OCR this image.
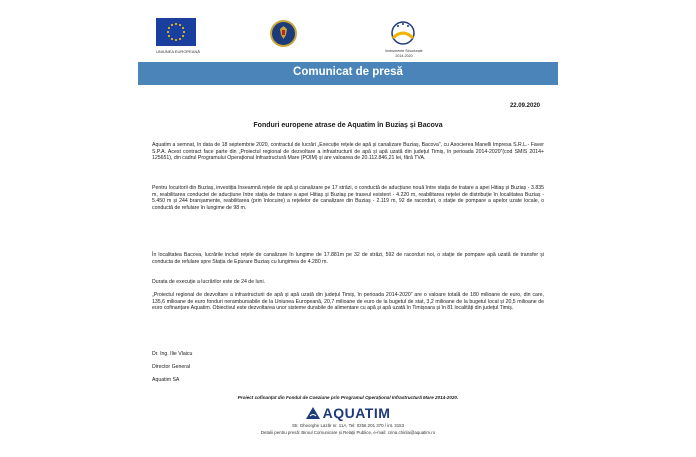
UNIUNEA EUROPEANĂ	Instrumente Structurale
2014-2020
Comunicat de presă
22.09.2020
Fonduri europene atrase de Aquatim în Buziaș și Bacova

Aquatim a semnat, în data de 18 septembrie 2020, contractul de lucrări „Execuție rețele de apă și canalizare Buziaș, Bacova”, cu Asocierea Manelli Impresa S.R.L.- Faver S.P.A. Acest contract face parte din „Proiectul regional de dezvoltare a infrastructurii de apă și apă uzată din județul Timiș, în perioada 2014-2020”(cod SMIS 2014+ 125651), din cadrul Programului Operațional Infrastructură Mare (POIM) și are valoarea de 20.112.846,21 lei, fără TVA.

Pentru locuitorii din Buziaș, investiția înseamnă rețele de apă și canalizare pe 17 străzi, o conductă de aducțiune nouă între stația de tratare a apei Hitiaș și Buziaș - 3.835 m, reabilitarea conductei de aducțiune între stația de tratare a apei Hitiaș și Buziaș pe traseul existent - 4.220 m, reabilitarea rețelei de distribuție în localitatea Buziaș - 5.450 m și 244 branșamente, reabilitarea (prin înlocuire) a rețelelor de canalizare din Buziaș - 2.119 m, 92 de racorduri, o stație de pompare a apelor uzate locale, o conductă de refulare în lungime de 98 m.

În localitatea Bacova, lucrările includ rețele de canalizare în lungime de 17.881m pe 32 de străzi, 592 de racorduri noi, o stație de pompare apă uzată de transfer și conducta de refulare spre Stația de Epurare Buziaș cu lungimea de 4.280 m.

Durata de execuție a lucrărilor este de 24 de luni.

„Proiectul regional de dezvoltare a infrastructurii de apă și apă uzată din județul Timiș, în perioada 2014-2020” are o valoare totală de 180 milioane de euro, din care, 135,6 milioane de euro fonduri nerambursabile de la Uniunea Europeană, 20,7 milioane de euro de la bugetul de stat, 3,2 milioane de la bugetul local și 20,5 milioane de euro cofinanțare Aquatim. Obiectivul este dezvoltarea unor sisteme durabile de alimentare cu apă și apă uzată în Timișoara și în 81 localități din județul Timiș.

Dr. Ing. Ilie Vlaicu
Director General
Aquatim SA
Proiect cofinanțat din Fondul de Coeziune prin Programul Operațional Infrastructură Mare 2014-2020.
AQUATIM
Str. Gheorghe Lazăr nr. 11A, Tel: 0256 201 370 / int. 3153
Detalii pentru presă: Biroul Comunicare și Relații Publice, e-mail: crina.chirila@aquatim.ro
